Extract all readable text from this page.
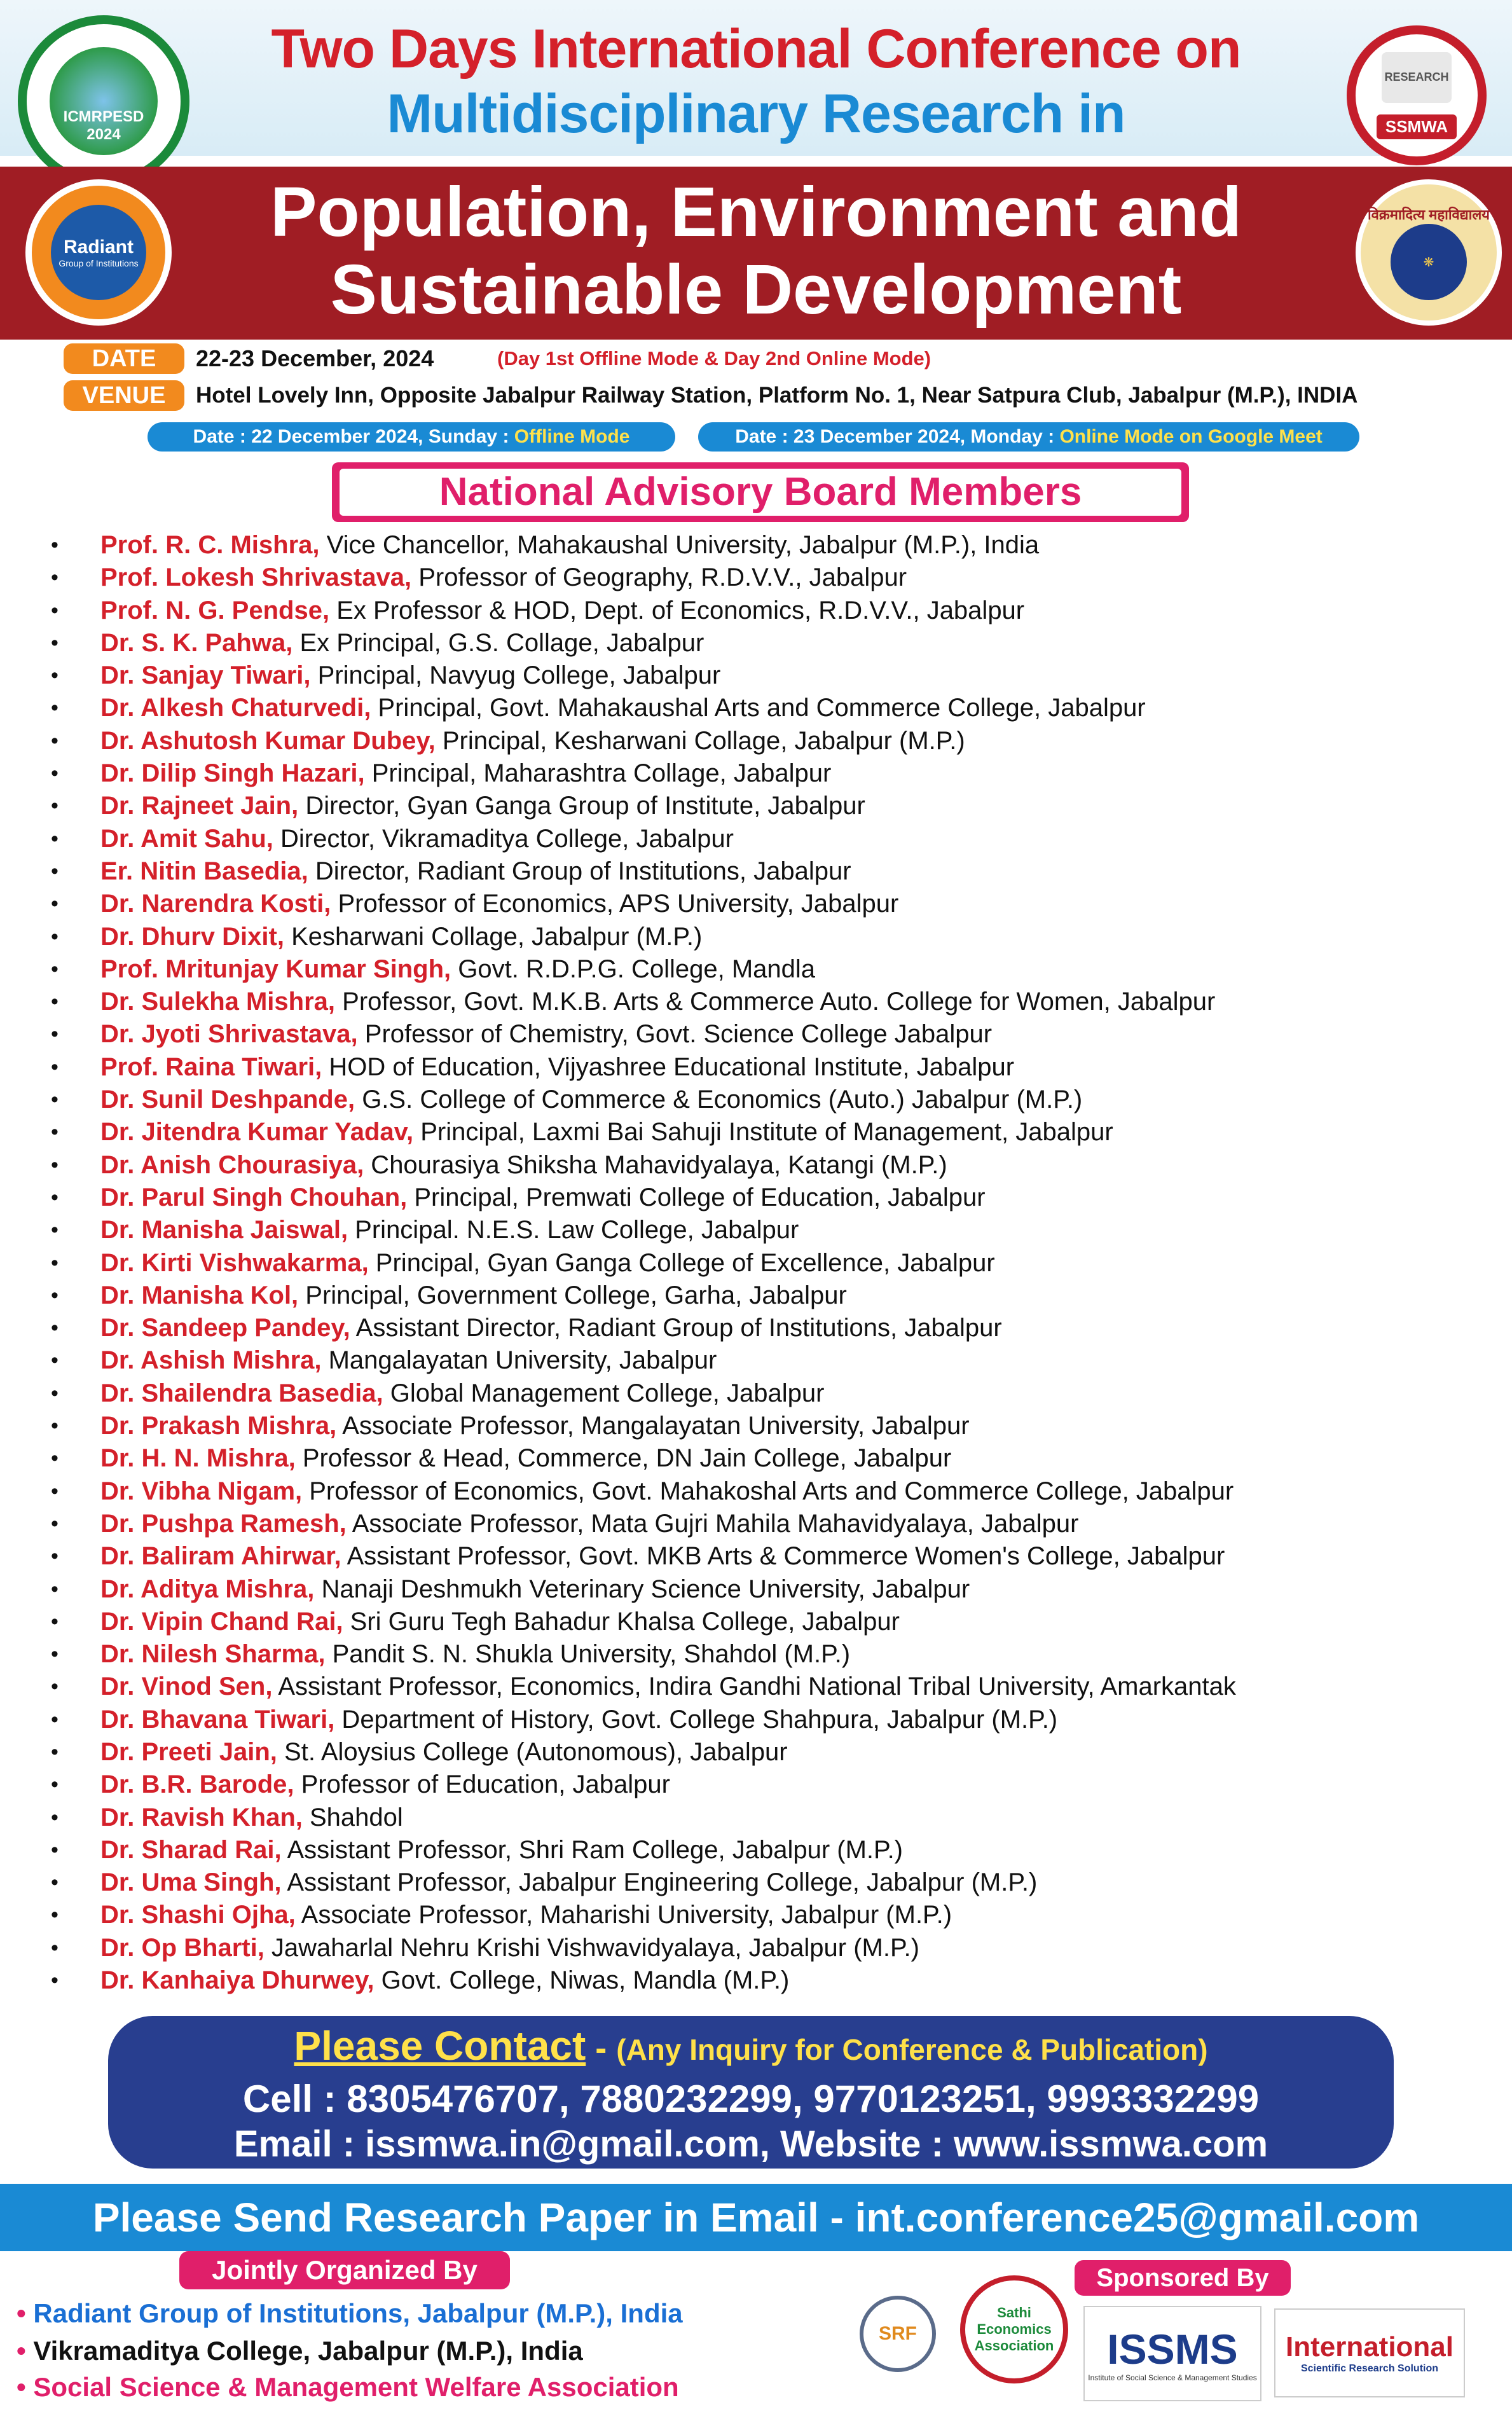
Two Days International Conference on
Multidisciplinary Research in
ICMRPESD 2024
RESEARCH
SSMWA
Population, Environment and
Sustainable Development
Radiant
Group of Institutions
विक्रमादित्य महाविद्यालय
❋
DATE	22-23 December, 2024	(Day 1st Offline Mode & Day 2nd Online Mode)
VENUE	Hotel Lovely Inn, Opposite Jabalpur Railway Station, Platform No. 1, Near Satpura Club, Jabalpur (M.P.), INDIA
Date : 22 December 2024, Sunday : Offline Mode	Date : 23 December 2024, Monday : Online Mode on Google Meet
National Advisory Board Members
• Prof. R. C. Mishra, Vice Chancellor, Mahakaushal University, Jabalpur (M.P.), India
• Prof. Lokesh Shrivastava, Professor of Geography, R.D.V.V., Jabalpur
• Prof. N. G. Pendse, Ex Professor & HOD, Dept. of Economics, R.D.V.V., Jabalpur
• Dr. S. K. Pahwa, Ex Principal, G.S. Collage, Jabalpur
• Dr. Sanjay Tiwari, Principal, Navyug College, Jabalpur
• Dr. Alkesh Chaturvedi, Principal, Govt. Mahakaushal Arts and Commerce College, Jabalpur
• Dr. Ashutosh Kumar Dubey, Principal, Kesharwani Collage, Jabalpur (M.P.)
• Dr. Dilip Singh Hazari, Principal, Maharashtra Collage, Jabalpur
• Dr. Rajneet Jain, Director, Gyan Ganga Group of Institute, Jabalpur
• Dr. Amit Sahu, Director, Vikramaditya College, Jabalpur
• Er. Nitin Basedia, Director, Radiant Group of Institutions, Jabalpur
• Dr. Narendra Kosti, Professor of Economics, APS University, Jabalpur
• Dr. Dhurv Dixit, Kesharwani Collage, Jabalpur (M.P.)
• Prof. Mritunjay Kumar Singh, Govt. R.D.P.G. College, Mandla
• Dr. Sulekha Mishra, Professor, Govt. M.K.B. Arts & Commerce Auto. College for Women, Jabalpur
• Dr. Jyoti Shrivastava, Professor of Chemistry, Govt. Science College Jabalpur
• Prof. Raina Tiwari, HOD of Education, Vijyashree Educational Institute, Jabalpur
• Dr. Sunil Deshpande, G.S. College of Commerce & Economics (Auto.) Jabalpur (M.P.)
• Dr. Jitendra Kumar Yadav, Principal, Laxmi Bai Sahuji Institute of Management, Jabalpur
• Dr. Anish Chourasiya, Chourasiya Shiksha Mahavidyalaya, Katangi (M.P.)
• Dr. Parul Singh Chouhan, Principal, Premwati College of Education, Jabalpur
• Dr. Manisha Jaiswal, Principal. N.E.S. Law College, Jabalpur
• Dr. Kirti Vishwakarma, Principal, Gyan Ganga College of Excellence, Jabalpur
• Dr. Manisha Kol, Principal, Government College, Garha, Jabalpur
• Dr. Sandeep Pandey, Assistant Director, Radiant Group of Institutions, Jabalpur
• Dr. Ashish Mishra, Mangalayatan University, Jabalpur
• Dr. Shailendra Basedia, Global Management College, Jabalpur
• Dr. Prakash Mishra, Associate Professor, Mangalayatan University, Jabalpur
• Dr. H. N. Mishra, Professor & Head, Commerce, DN Jain College, Jabalpur
• Dr. Vibha Nigam, Professor of Economics, Govt. Mahakoshal Arts and Commerce College, Jabalpur
• Dr. Pushpa Ramesh, Associate Professor, Mata Gujri Mahila Mahavidyalaya, Jabalpur
• Dr. Baliram Ahirwar, Assistant Professor, Govt. MKB Arts & Commerce Women's College, Jabalpur
• Dr. Aditya Mishra, Nanaji Deshmukh Veterinary Science University, Jabalpur
• Dr. Vipin Chand Rai, Sri Guru Tegh Bahadur Khalsa College, Jabalpur
• Dr. Nilesh Sharma, Pandit S. N. Shukla University, Shahdol (M.P.)
• Dr. Vinod Sen, Assistant Professor, Economics, Indira Gandhi National Tribal University, Amarkantak
• Dr. Bhavana Tiwari, Department of History, Govt. College Shahpura, Jabalpur (M.P.)
• Dr. Preeti Jain, St. Aloysius College (Autonomous), Jabalpur
• Dr. B.R. Barode, Professor of Education, Jabalpur
• Dr. Ravish Khan, Shahdol
• Dr. Sharad Rai, Assistant Professor, Shri Ram College, Jabalpur (M.P.)
• Dr. Uma Singh, Assistant Professor, Jabalpur Engineering College, Jabalpur (M.P.)
• Dr. Shashi Ojha, Associate Professor, Maharishi University, Jabalpur (M.P.)
• Dr. Op Bharti, Jawaharlal Nehru Krishi Vishwavidyalaya, Jabalpur (M.P.)
• Dr. Kanhaiya Dhurwey, Govt. College, Niwas, Mandla (M.P.)
Please Contact - (Any Inquiry for Conference & Publication)
Cell : 8305476707, 7880232299, 9770123251, 9993332299
Email : issmwa.in@gmail.com, Website : www.issmwa.com
Please Send Research Paper in Email - int.conference25@gmail.com
Jointly Organized By
• Radiant Group of Institutions, Jabalpur (M.P.), India
• Vikramaditya College, Jabalpur (M.P.), India
• Social Science & Management Welfare Association
Sponsored By
SRF
Sathi Economics Association ISSMS
Institute of Social Science & Management Studies
International
Scientific Research Solution
